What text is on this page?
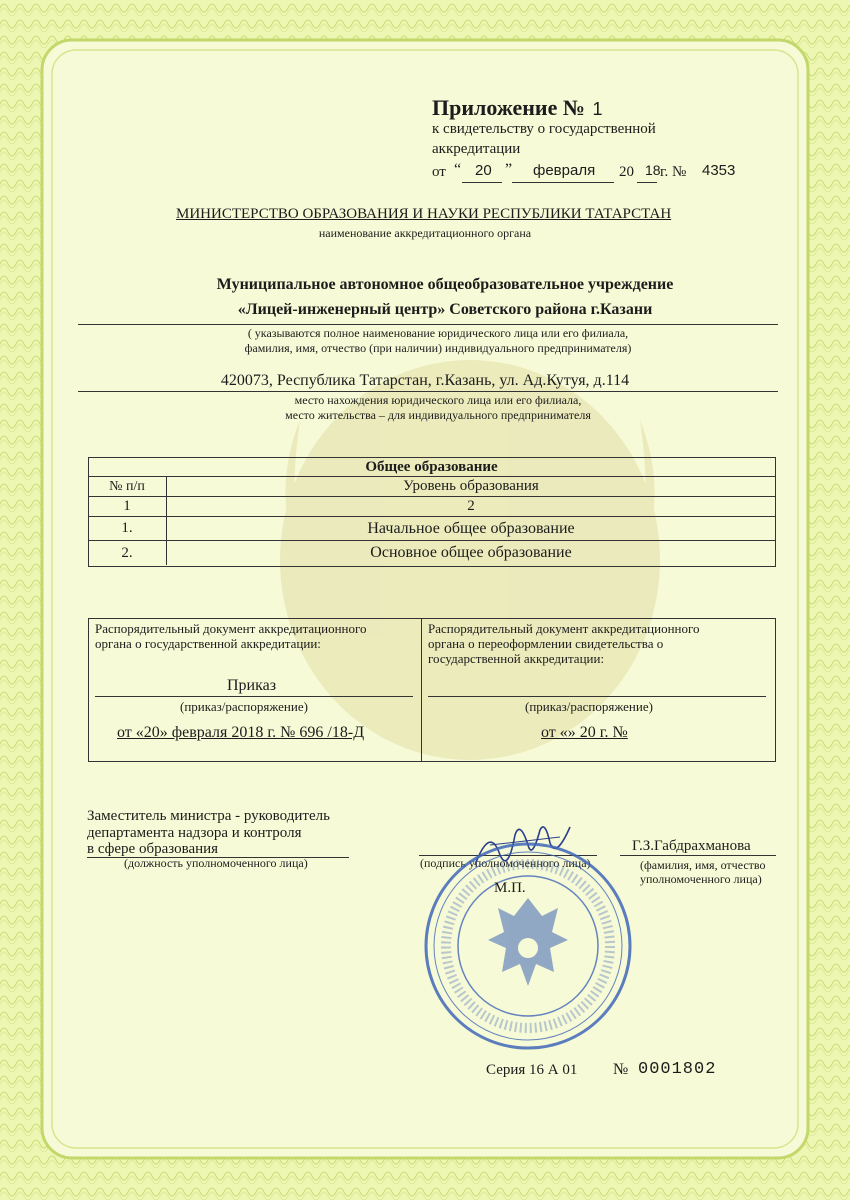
Приложение № 1
к свидетельству о государственной
аккредитации
от “ 20 ” февраля 20 18 г. № 4353
МИНИСТЕРСТВО ОБРАЗОВАНИЯ И НАУКИ РЕСПУБЛИКИ ТАТАРСТАН
наименование аккредитационного органа
Муниципальное автономное общеобразовательное учреждение
«Лицей-инженерный центр» Советского района г.Казани
( указываются полное наименование юридического лица или его филиала,
фамилия, имя, отчество (при наличии) индивидуального предпринимателя)
420073, Республика Татарстан, г.Казань, ул. Ад.Кутуя, д.114
место нахождения юридического лица или его филиала,
место жительства – для индивидуального предпринимателя
Общее образование
№ п/п	Уровень образования
1	2
1.	Начальное общее образование
2.	Основное общее образование
Распорядительный документ аккредитационного
органа о государственной аккредитации:
Приказ
(приказ/распоряжение)
от «20» февраля 2018 г. № 696 /18-Д
Распорядительный документ аккредитационного
органа о переоформлении свидетельства о
государственной аккредитации:
(приказ/распоряжение)
от «» 20 г. №
Заместитель министра - руководитель
департамента надзора и контроля
в сфере образования
(должность уполномоченного лица)	(подпись уполномоченного лица)
Г.З.Габдрахманова
(фамилия, имя, отчество
уполномоченного лица)
М.П.
Серия 16 А 01 № 0001802
